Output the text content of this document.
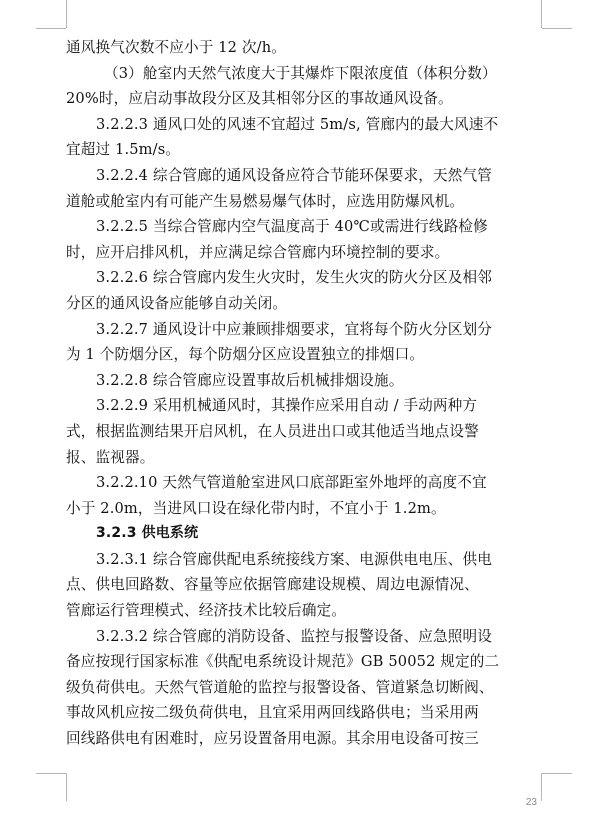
通风换气次数不应小于 12 次/h。
（3）舱室内天然气浓度大于其爆炸下限浓度值（体积分数）
20%时，应启动事故段分区及其相邻分区的事故通风设备。
3.2.2.3 通风口处的风速不宜超过 5m/s, 管廊内的最大风速不
宜超过 1.5m/s。
3.2.2.4 综合管廊的通风设备应符合节能环保要求，天然气管
道舱或舱室内有可能产生易燃易爆气体时，应选用防爆风机。
3.2.2.5 当综合管廊内空气温度高于 40℃或需进行线路检修
时，应开启排风机，并应满足综合管廊内环境控制的要求。
3.2.2.6 综合管廊内发生火灾时，发生火灾的防火分区及相邻
分区的通风设备应能够自动关闭。
3.2.2.7 通风设计中应兼顾排烟要求，宜将每个防火分区划分
为 1 个防烟分区，每个防烟分区应设置独立的排烟口。
3.2.2.8 综合管廊应设置事故后机械排烟设施。
3.2.2.9 采用机械通风时，其操作应采用自动 / 手动两种方
式，根据监测结果开启风机，在人员进出口或其他适当地点设警
报、监视器。
3.2.2.10 天然气管道舱室进风口底部距室外地坪的高度不宜
小于 2.0m，当进风口设在绿化带内时，不宜小于 1.2m。
3.2.3 供电系统
3.2.3.1 综合管廊供配电系统接线方案、电源供电电压、供电
点、供电回路数、容量等应依据管廊建设规模、周边电源情况、
管廊运行管理模式、经济技术比较后确定。
3.2.3.2 综合管廊的消防设备、监控与报警设备、应急照明设
备应按现行国家标准《供配电系统设计规范》GB 50052 规定的二
级负荷供电。天然气管道舱的监控与报警设备、管道紧急切断阀、
事故风机应按二级负荷供电，且宜采用两回线路供电；当采用两
回线路供电有困难时，应另设置备用电源。其余用电设备可按三
23
